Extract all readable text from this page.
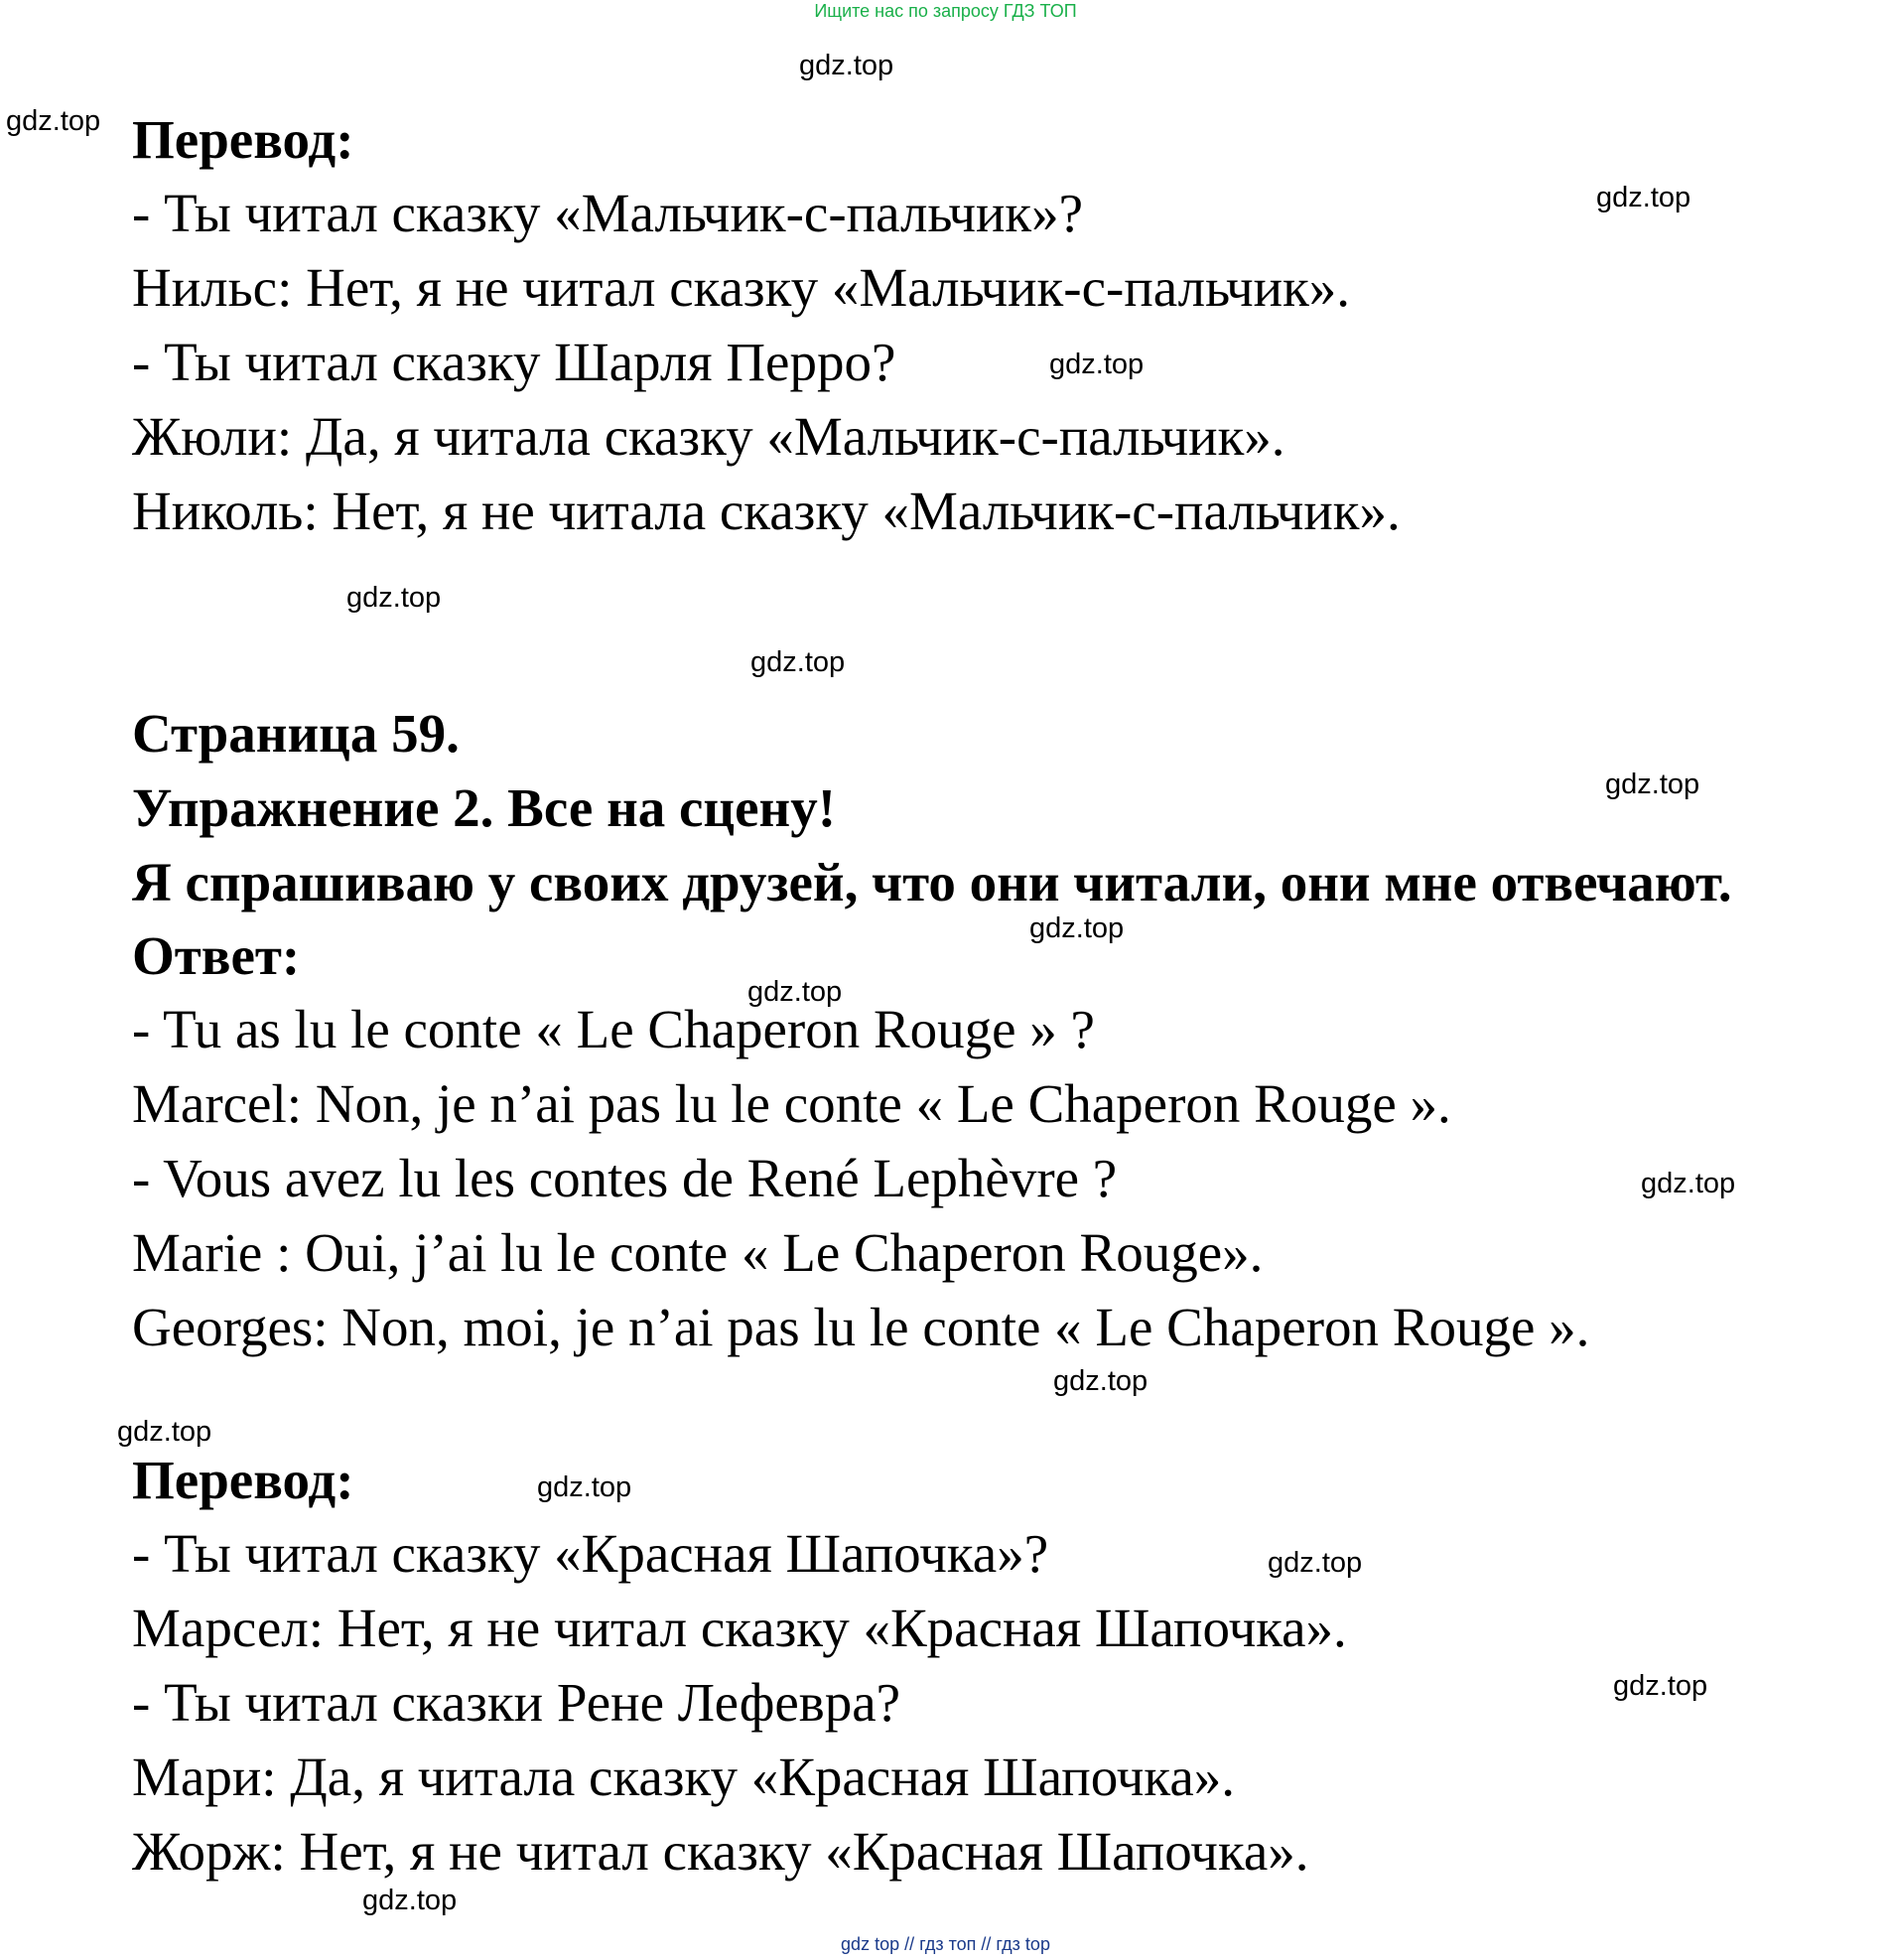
Ищите нас по запросу ГДЗ ТОП
Перевод:
- Ты читал сказку «Мальчик-с-пальчик»?
Нильс: Нет, я не читал сказку «Мальчик-с-пальчик».
- Ты читал сказку Шарля Перро?
Жюли: Да, я читала сказку «Мальчик-с-пальчик».
Николь: Нет, я не читала сказку «Мальчик-с-пальчик».
Страница 59.
Упражнение 2. Все на сцену!
Я спрашиваю у своих друзей, что они читали, они мне отвечают.
Ответ:
- Tu as lu le conte « Le Chaperon Rouge » ?
Marcel: Non, je n’ai pas lu le conte « Le Chaperon Rouge ».
- Vous avez lu les contes de René Lephèvre ?
Marie : Oui, j’ai lu le conte « Le Chaperon Rouge».
Georges: Non, moi, je n’ai pas lu le conte « Le Chaperon Rouge ».
Перевод:
- Ты читал сказку «Красная Шапочка»?
Марсел: Нет, я не читал сказку «Красная Шапочка».
- Ты читал сказки Рене Лефевра?
Мари: Да, я читала сказку «Красная Шапочка».
Жорж: Нет, я не читал сказку «Красная Шапочка».
gdz.top
gdz.top
gdz.top
gdz.top
gdz.top
gdz.top
gdz.top
gdz.top
gdz.top
gdz.top
gdz.top
gdz.top
gdz.top
gdz.top
gdz.top
gdz.top
gdz top // гдз топ // гдз top
